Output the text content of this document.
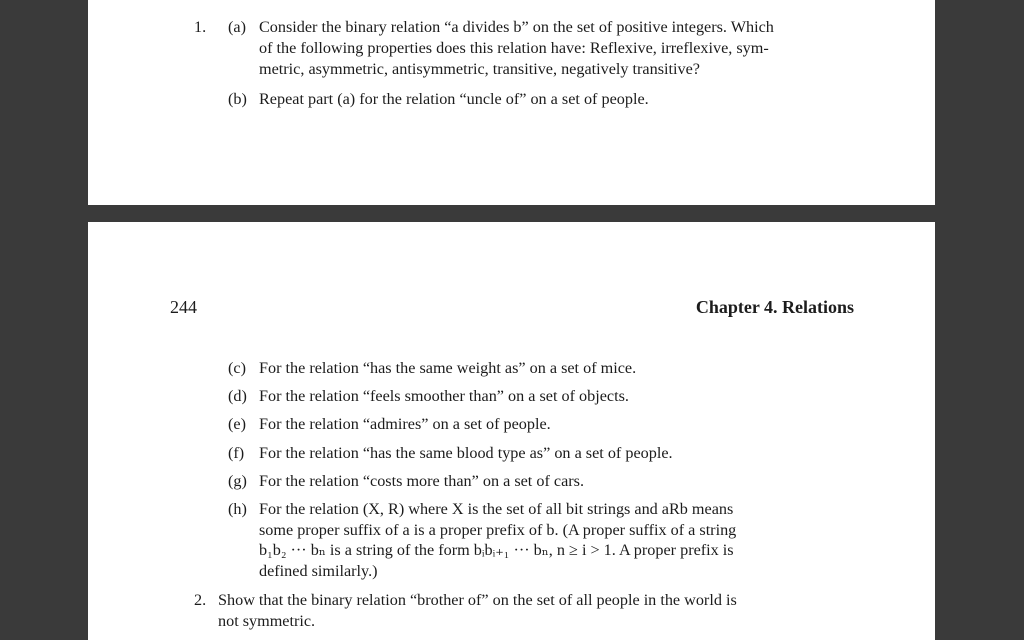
1. (a) Consider the binary relation “a divides b” on the set of positive integers. Which
of the following properties does this relation have: Reflexive, irreflexive, sym-
metric, asymmetric, antisymmetric, transitive, negatively transitive?
(b) Repeat part (a) for the relation “uncle of” on a set of people.
244	Chapter 4. Relations
(c) For the relation “has the same weight as” on a set of mice.
(d) For the relation “feels smoother than” on a set of objects.
(e) For the relation “admires” on a set of people.
(f) For the relation “has the same blood type as” on a set of people.
(g) For the relation “costs more than” on a set of cars.
(h) For the relation (X, R) where X is the set of all bit strings and aRb means
some proper suffix of a is a proper prefix of b. (A proper suffix of a string
b₁b₂ ··· bₙ is a string of the form bᵢbᵢ₊₁ ··· bₙ, n ≥ i > 1. A proper prefix is
defined similarly.)
2. Show that the binary relation “brother of” on the set of all people in the world is
not symmetric.
